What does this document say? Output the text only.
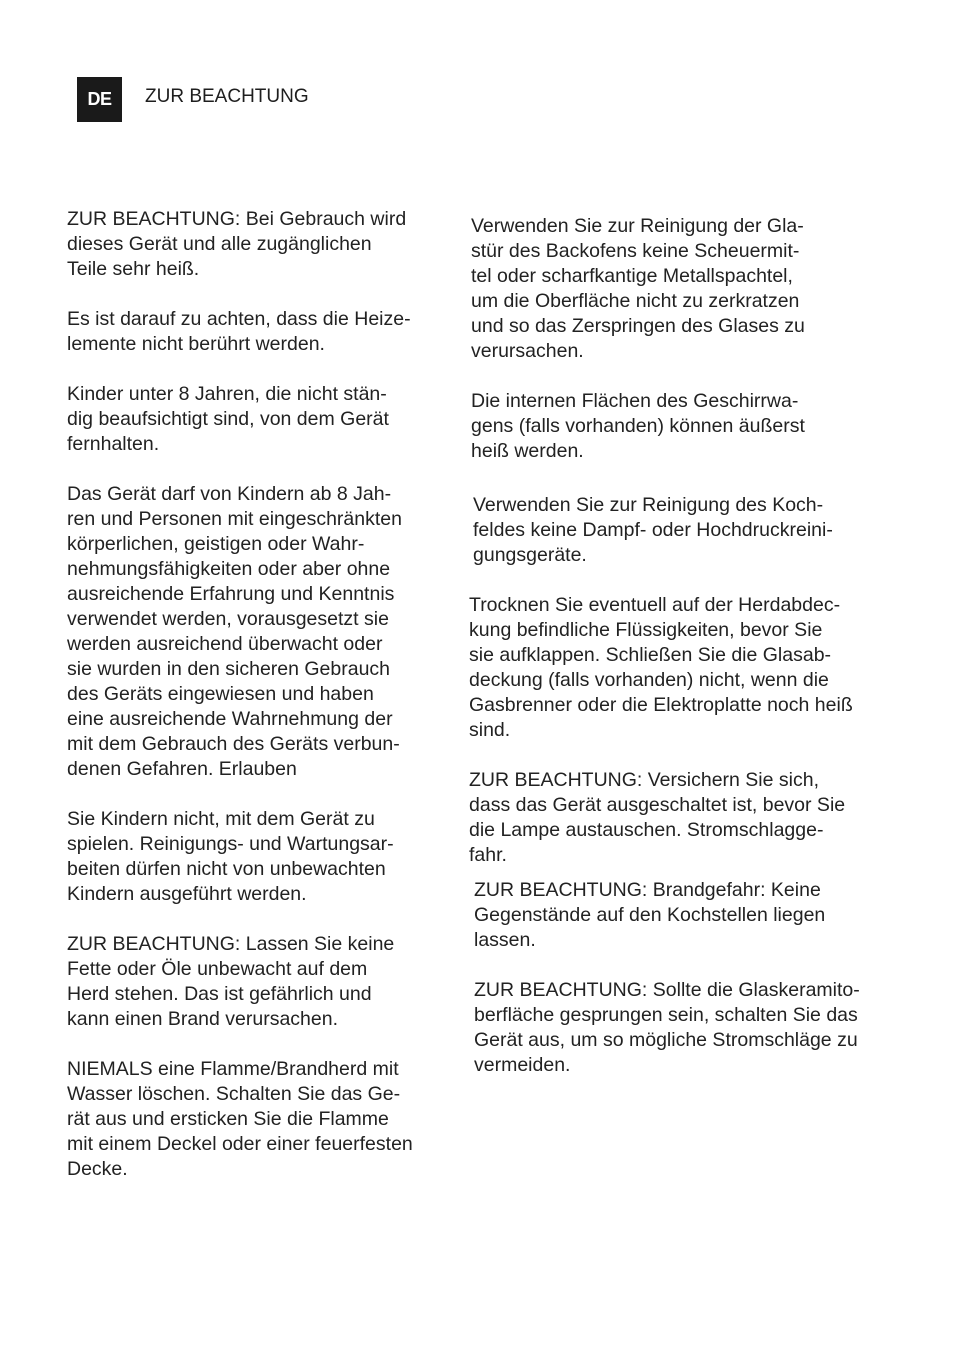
DE	ZUR BEACHTUNG

ZUR BEACHTUNG: Bei Gebrauch wird
dieses Gerät und alle zugänglichen
Teile sehr heiß.

Es ist darauf zu achten, dass die Heize-
lemente nicht berührt werden.

Kinder unter 8 Jahren, die nicht stän-
dig beaufsichtigt sind, von dem Gerät
fernhalten.

Das Gerät darf von Kindern ab 8 Jah-
ren und Personen mit eingeschränkten
körperlichen, geistigen oder Wahr-
nehmungsfähigkeiten oder aber ohne
ausreichende Erfahrung und Kenntnis
verwendet werden, vorausgesetzt sie
werden ausreichend überwacht oder
sie wurden in den sicheren Gebrauch
des Geräts eingewiesen und haben
eine ausreichende Wahrnehmung der
mit dem Gebrauch des Geräts verbun-
denen Gefahren. Erlauben

Sie Kindern nicht, mit dem Gerät zu
spielen. Reinigungs- und Wartungsar-
beiten dürfen nicht von unbewachten
Kindern ausgeführt werden.

ZUR BEACHTUNG: Lassen Sie keine
Fette oder Öle unbewacht auf dem
Herd stehen. Das ist gefährlich und
kann einen Brand verursachen.

NIEMALS eine Flamme/Brandherd mit
Wasser löschen. Schalten Sie das Ge-
rät aus und ersticken Sie die Flamme
mit einem Deckel oder einer feuerfesten
Decke.

Verwenden Sie zur Reinigung der Gla-
stür des Backofens keine Scheuermit-
tel oder scharfkantige Metallspachtel,
um die Oberfläche nicht zu zerkratzen
und so das Zerspringen des Glases zu
verursachen.

Die internen Flächen des Geschirrwa-
gens (falls vorhanden) können äußerst
heiß werden.

Verwenden Sie zur Reinigung des Koch-
feldes keine Dampf- oder Hochdruckreini-
gungsgeräte.

Trocknen Sie eventuell auf der Herdabdec-
kung befindliche Flüssigkeiten, bevor Sie
sie aufklappen. Schließen Sie die Glasab-
deckung (falls vorhanden) nicht, wenn die
Gasbrenner oder die Elektroplatte noch heiß
sind.

ZUR BEACHTUNG: Versichern Sie sich,
dass das Gerät ausgeschaltet ist, bevor Sie
die Lampe austauschen. Stromschlagge-
fahr.

ZUR BEACHTUNG: Brandgefahr: Keine
Gegenstände auf den Kochstellen liegen
lassen.

ZUR BEACHTUNG: Sollte die Glaskeramito-
berfläche gesprungen sein, schalten Sie das
Gerät aus, um so mögliche Stromschläge zu
vermeiden.
